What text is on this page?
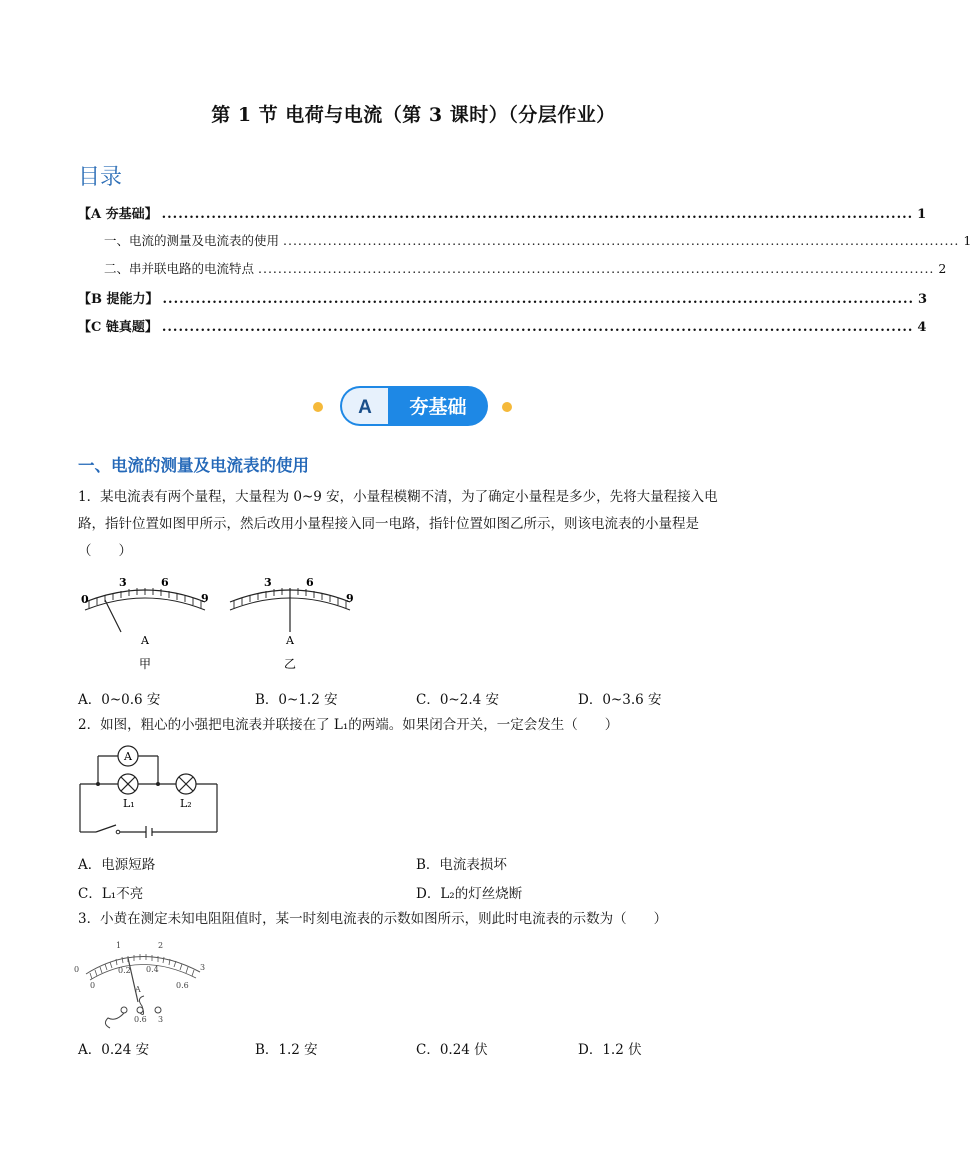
第 1 节 电荷与电流（第 3 课时）（分层作业）
目录
【A 夯基础】 ........................................................................................................................................ 1
一、电流的测量及电流表的使用 ........................................................................................................................................ 1
二、串并联电路的电流特点 ........................................................................................................................................ 2
【B 提能力】 ........................................................................................................................................ 3
【C 链真题】 ........................................................................................................................................ 4
A 夯基础
一、电流的测量及电流表的使用
1．某电流表有两个量程，大量程为 0~9 安，小量程模糊不清，为了确定小量程是多少，先将大量程接入电
路，指针位置如图甲所示，然后改用小量程接入同一电路，指针位置如图乙所示，则该电流表的小量程是
（　　）
0
3	6
9
A
甲
3	6
9
A
乙
A．0~0.6 安	B．0~1.2 安	C．0~2.4 安	D．0~3.6 安
2．如图，粗心的小强把电流表并联接在了 L₁的两端。如果闭合开关，一定会发生（　　）
A
L₁	L₂
A．电源短路	B．电流表损坏
C．L₁不亮	D．L₂的灯丝烧断
3．小黄在测定未知电阻阻值时，某一时刻电流表的示数如图所示，则此时电流表的示数为（　　）
0
1	2
3
0
0.2 0.4
0.6
A
0.6 3
A．0.24 安	B．1.2 安	C．0.24 伏	D．1.2 伏
